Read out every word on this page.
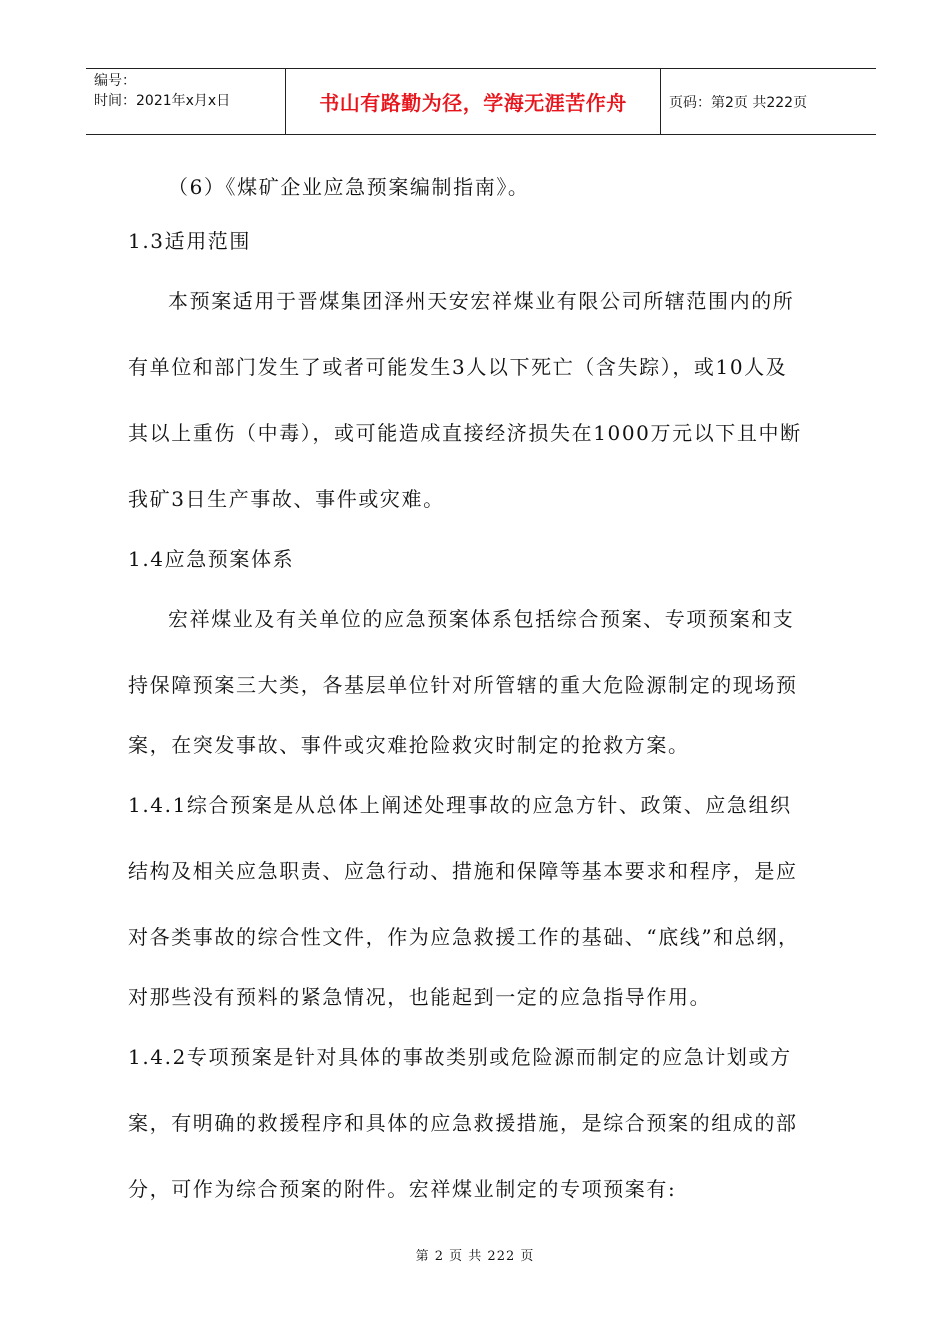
编号：
时间：2021年x月x日	书山有路勤为径，学海无涯苦作舟	页码：第2页 共222页
（6）《煤矿企业应急预案编制指南》。
1.3适用范围
本预案适用于晋煤集团泽州天安宏祥煤业有限公司所辖范围内的所
有单位和部门发生了或者可能发生3人以下死亡（含失踪），或10人及
其以上重伤（中毒），或可能造成直接经济损失在1000万元以下且中断
我矿3日生产事故、事件或灾难。
1.4应急预案体系
宏祥煤业及有关单位的应急预案体系包括综合预案、专项预案和支
持保障预案三大类，各基层单位针对所管辖的重大危险源制定的现场预
案，在突发事故、事件或灾难抢险救灾时制定的抢救方案。
1.4.1综合预案是从总体上阐述处理事故的应急方针、政策、应急组织
结构及相关应急职责、应急行动、措施和保障等基本要求和程序，是应
对各类事故的综合性文件，作为应急救援工作的基础、“底线”和总纲，
对那些没有预料的紧急情况，也能起到一定的应急指导作用。
1.4.2专项预案是针对具体的事故类别或危险源而制定的应急计划或方
案，有明确的救援程序和具体的应急救援措施，是综合预案的组成的部
分，可作为综合预案的附件。宏祥煤业制定的专项预案有:
第 2 页 共 222 页
